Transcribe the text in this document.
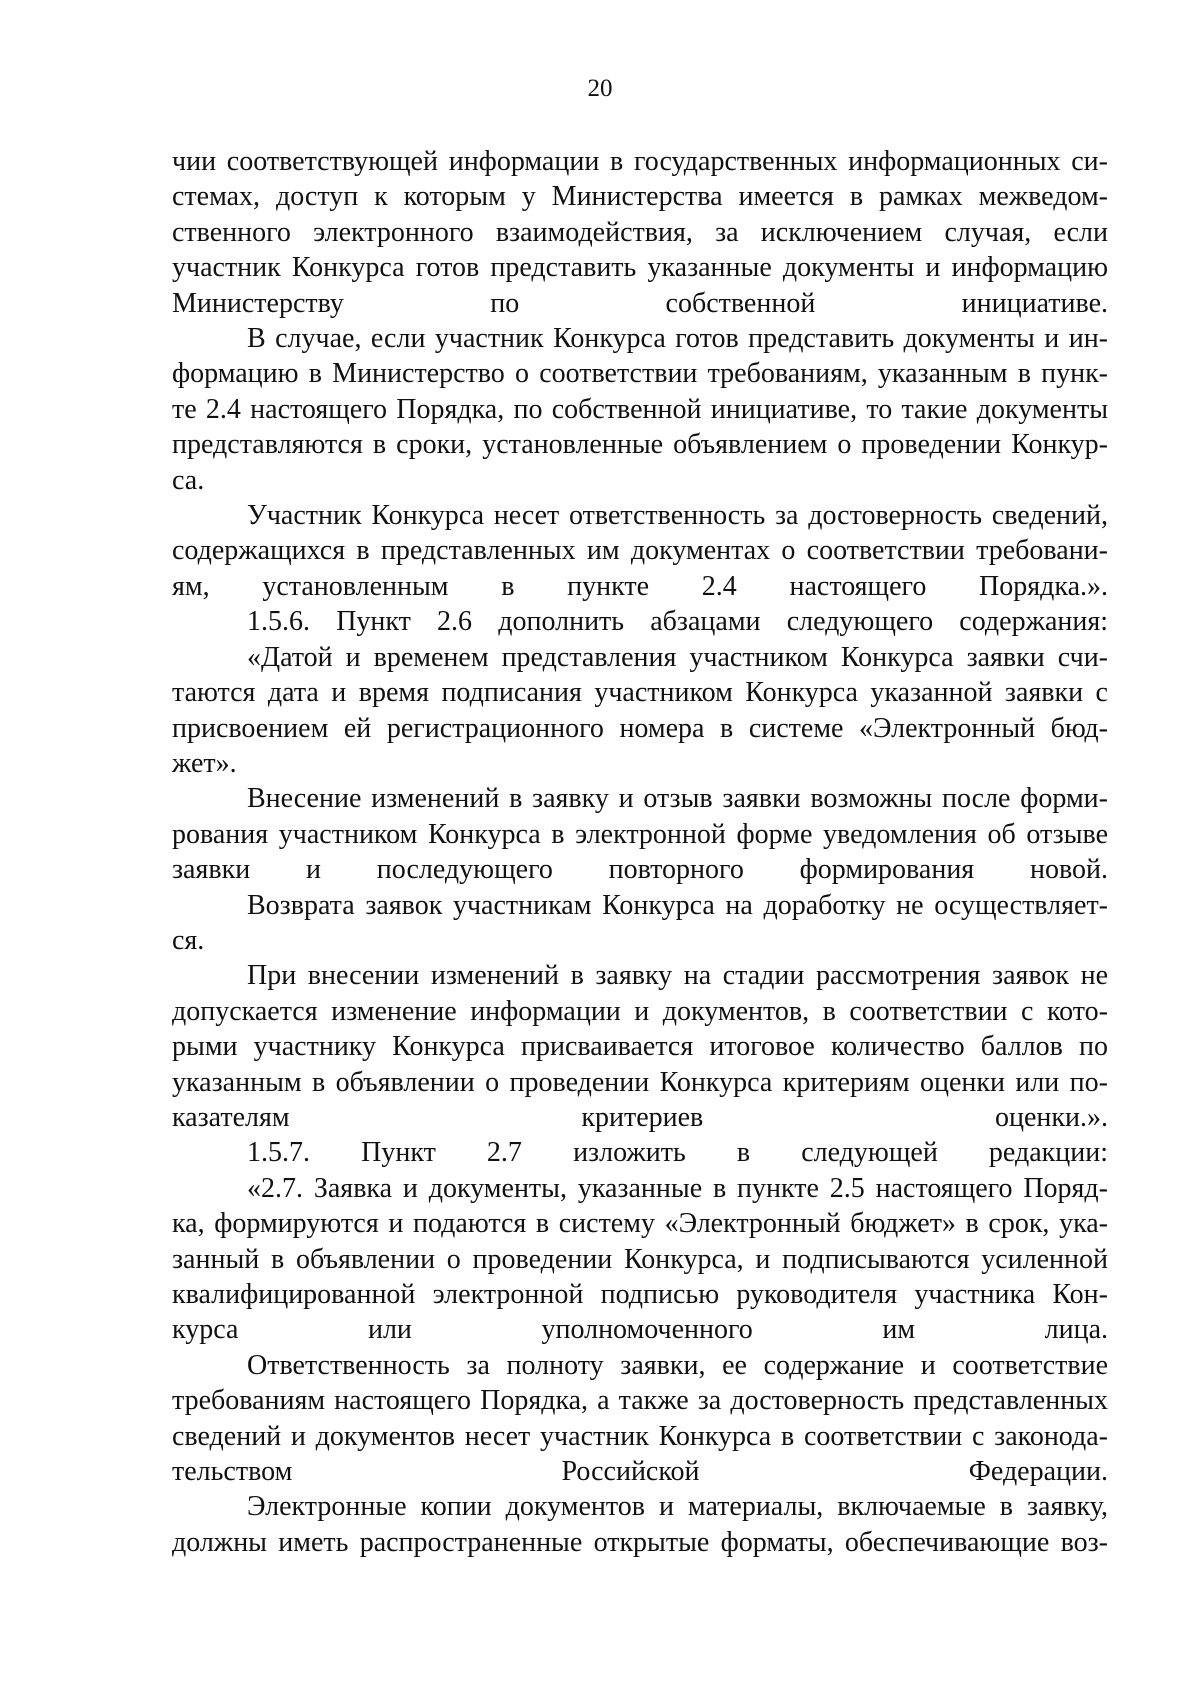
20

чии соответствующей информации в государственных информационных си-
стемах, доступ к которым у Министерства имеется в рамках межведом-
ственного электронного взаимодействия, за исключением случая, если
участник Конкурса готов представить указанные документы и информацию
Министерству по собственной инициативе.

В случае, если участник Конкурса готов представить документы и ин-
формацию в Министерство о соответствии требованиям, указанным в пунк-
те 2.4 настоящего Порядка, по собственной инициативе, то такие документы
представляются в сроки, установленные объявлением о проведении Конкур-
са.

Участник Конкурса несет ответственность за достоверность сведений,
содержащихся в представленных им документах о соответствии требовани-
ям, установленным в пункте 2.4 настоящего Порядка.».

1.5.6. Пункт 2.6 дополнить абзацами следующего содержания:

«Датой и временем представления участником Конкурса заявки счи-
таются дата и время подписания участником Конкурса указанной заявки с
присвоением ей регистрационного номера в системе «Электронный бюд-
жет».

Внесение изменений в заявку и отзыв заявки возможны после форми-
рования участником Конкурса в электронной форме уведомления об отзыве
заявки и последующего повторного формирования новой.

Возврата заявок участникам Конкурса на доработку не осуществляет-
ся.

При внесении изменений в заявку на стадии рассмотрения заявок не
допускается изменение информации и документов, в соответствии с кото-
рыми участнику Конкурса присваивается итоговое количество баллов по
указанным в объявлении о проведении Конкурса критериям оценки или по-
казателям критериев оценки.».

1.5.7. Пункт 2.7 изложить в следующей редакции:

«2.7. Заявка и документы, указанные в пункте 2.5 настоящего Поряд-
ка, формируются и подаются в систему «Электронный бюджет» в срок, ука-
занный в объявлении о проведении Конкурса, и подписываются усиленной
квалифицированной электронной подписью руководителя участника Кон-
курса или уполномоченного им лица.

Ответственность за полноту заявки, ее содержание и соответствие
требованиям настоящего Порядка, а также за достоверность представленных
сведений и документов несет участник Конкурса в соответствии с законода-
тельством Российской Федерации.

Электронные копии документов и материалы, включаемые в заявку,
должны иметь распространенные открытые форматы, обеспечивающие воз-
